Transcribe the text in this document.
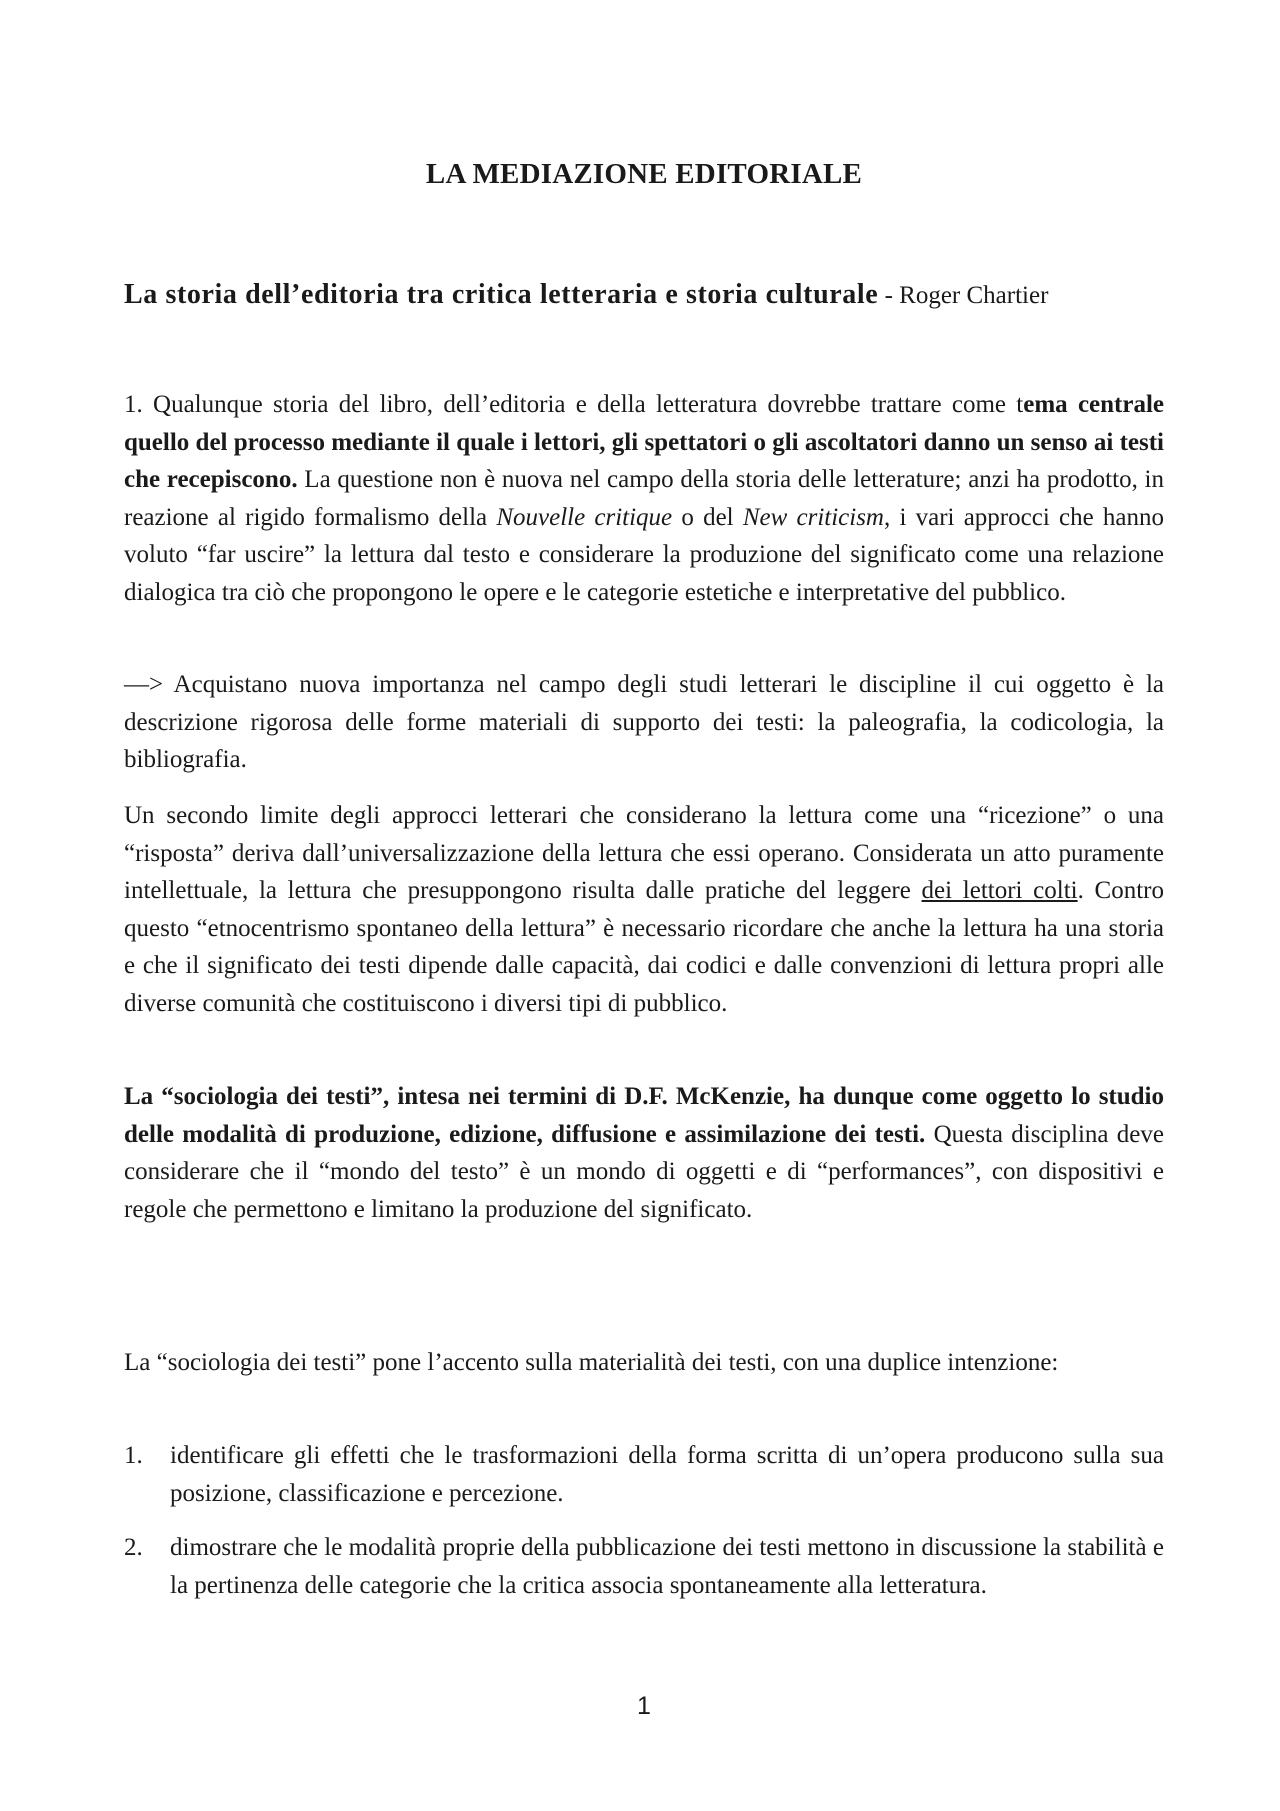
LA MEDIAZIONE EDITORIALE

La storia dell’editoria tra critica letteraria e storia culturale - Roger Chartier

1. Qualunque storia del libro, dell’editoria e della letteratura dovrebbe trattare come tema centrale quello del processo mediante il quale i lettori, gli spettatori o gli ascoltatori danno un senso ai testi che recepiscono. La questione non è nuova nel campo della storia delle letterature; anzi ha prodotto, in reazione al rigido formalismo della Nouvelle critique o del New criticism, i vari approcci che hanno voluto “far uscire” la lettura dal testo e considerare la produzione del significato come una relazione dialogica tra ciò che propongono le opere e le categorie estetiche e interpretative del pubblico.

—> Acquistano nuova importanza nel campo degli studi letterari le discipline il cui oggetto è la descrizione rigorosa delle forme materiali di supporto dei testi: la paleografia, la codicologia, la bibliografia.

Un secondo limite degli approcci letterari che considerano la lettura come una “ricezione” o una “risposta” deriva dall’universalizzazione della lettura che essi operano. Considerata un atto puramente intellettuale, la lettura che presuppongono risulta dalle pratiche del leggere dei lettori colti. Contro questo “etnocentrismo spontaneo della lettura” è necessario ricordare che anche la lettura ha una storia e che il significato dei testi dipende dalle capacità, dai codici e dalle convenzioni di lettura propri alle diverse comunità che costituiscono i diversi tipi di pubblico.

La “sociologia dei testi”, intesa nei termini di D.F. McKenzie, ha dunque come oggetto lo studio delle modalità di produzione, edizione, diffusione e assimilazione dei testi. Questa disciplina deve considerare che il “mondo del testo” è un mondo di oggetti e di “performances”, con dispositivi e regole che permettono e limitano la produzione del significato.

La “sociologia dei testi” pone l’accento sulla materialità dei testi, con una duplice intenzione:

1. identificare gli effetti che le trasformazioni della forma scritta di un’opera producono sulla sua posizione, classificazione e percezione.
2. dimostrare che le modalità proprie della pubblicazione dei testi mettono in discussione la stabilità e la pertinenza delle categorie che la critica associa spontaneamente alla letteratura.
1
